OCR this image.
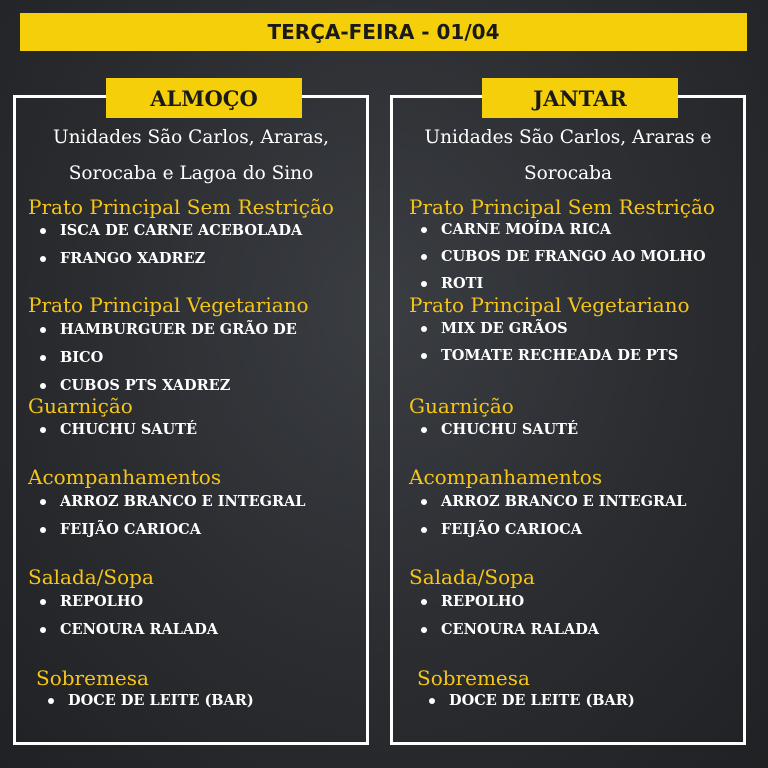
TERÇA-FEIRA - 01/04
ALMOÇO
Unidades São Carlos, Araras,
Sorocaba e Lagoa do Sino
Prato Principal Sem Restrição
ISCA DE CARNE ACEBOLADA
FRANGO XADREZ
Prato Principal Vegetariano
HAMBURGUER DE GRÃO DE
BICO
CUBOS PTS XADREZ
Guarnição
CHUCHU SAUTÉ
Acompanhamentos
ARROZ BRANCO E INTEGRAL
FEIJÃO CARIOCA
Salada/Sopa
REPOLHO
CENOURA RALADA
Sobremesa
DOCE DE LEITE (BAR)
JANTAR
Unidades São Carlos, Araras e
Sorocaba
Prato Principal Sem Restrição
CARNE MOÍDA RICA
CUBOS DE FRANGO AO MOLHO
ROTI
Prato Principal Vegetariano
MIX DE GRÃOS
TOMATE RECHEADA DE PTS
Guarnição
CHUCHU SAUTÉ
Acompanhamentos
ARROZ BRANCO E INTEGRAL
FEIJÃO CARIOCA
Salada/Sopa
REPOLHO
CENOURA RALADA
Sobremesa
DOCE DE LEITE (BAR)
